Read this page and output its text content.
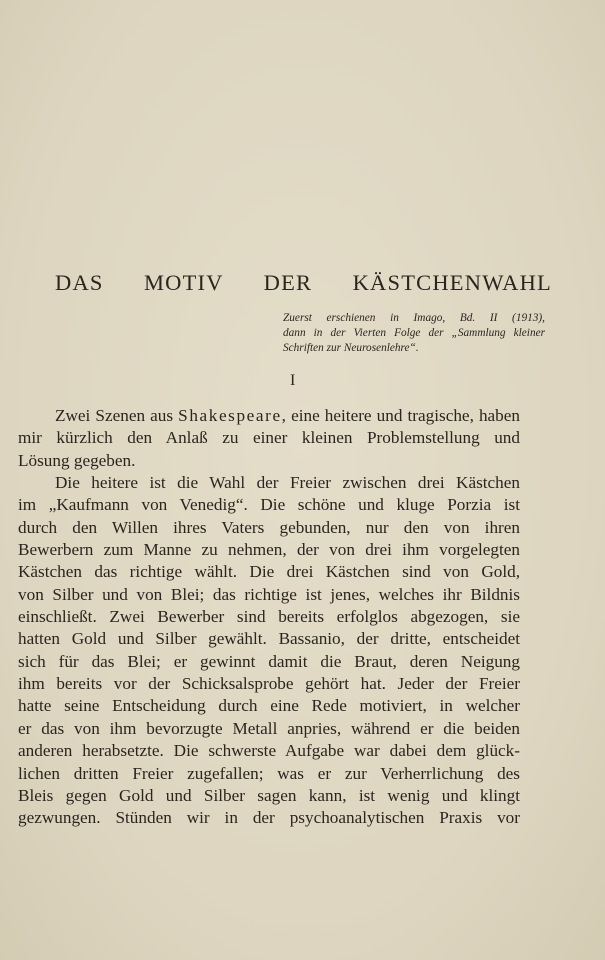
DAS MOTIV DER KÄSTCHENWAHL
Zuerst erschienen in Imago, Bd. II (1913),
dann in der Vierten Folge der „Sammlung kleiner
Schriften zur Neurosenlehre“.
I
Zwei Szenen aus Shakespeare, eine heitere und tragische, haben
mir kürzlich den Anlaß zu einer kleinen Problemstellung und
Lösung gegeben.
Die heitere ist die Wahl der Freier zwischen drei Kästchen
im „Kaufmann von Venedig“. Die schöne und kluge Porzia ist
durch den Willen ihres Vaters gebunden, nur den von ihren
Bewerbern zum Manne zu nehmen, der von drei ihm vorgelegten
Kästchen das richtige wählt. Die drei Kästchen sind von Gold,
von Silber und von Blei; das richtige ist jenes, welches ihr Bildnis
einschließt. Zwei Bewerber sind bereits erfolglos abgezogen, sie
hatten Gold und Silber gewählt. Bassanio, der dritte, entscheidet
sich für das Blei; er gewinnt damit die Braut, deren Neigung
ihm bereits vor der Schicksalsprobe gehört hat. Jeder der Freier
hatte seine Entscheidung durch eine Rede motiviert, in welcher
er das von ihm bevorzugte Metall anpries, während er die beiden
anderen herabsetzte. Die schwerste Aufgabe war dabei dem glück-
lichen dritten Freier zugefallen; was er zur Verherrlichung des
Bleis gegen Gold und Silber sagen kann, ist wenig und klingt
gezwungen. Stünden wir in der psychoanalytischen Praxis vor
